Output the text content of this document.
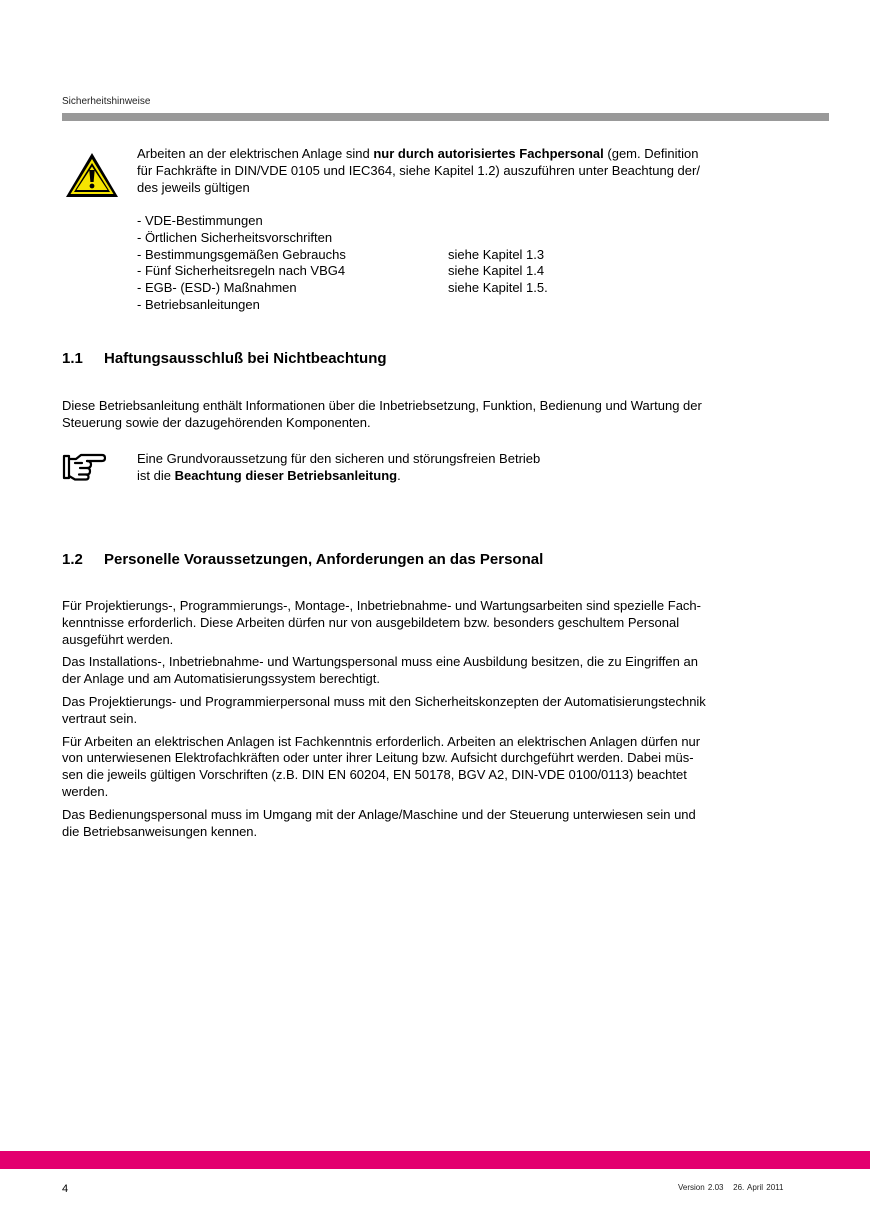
Sicherheitshinweise
Arbeiten an der elektrischen Anlage sind nur durch autorisiertes Fachpersonal (gem. Definition
für Fachkräfte in DIN/VDE 0105 und IEC364, siehe Kapitel 1.2) auszuführen unter Beachtung der/
des jeweils gültigen
- VDE-Bestimmungen
- Örtlichen Sicherheitsvorschriften
- Bestimmungsgemäßen Gebrauchs	siehe Kapitel 1.3
- Fünf Sicherheitsregeln nach VBG4	siehe Kapitel 1.4
- EGB- (ESD-) Maßnahmen	siehe Kapitel 1.5.
- Betriebsanleitungen
1.1 Haftungsausschluß bei Nichtbeachtung
Diese Betriebsanleitung enthält Informationen über die Inbetriebsetzung, Funktion, Bedienung und Wartung der
Steuerung sowie der dazugehörenden Komponenten.
Eine Grundvoraussetzung für den sicheren und störungsfreien Betrieb
ist die Beachtung dieser Betriebsanleitung.
1.2 Personelle Voraussetzungen, Anforderungen an das Personal

Für Projektierungs-, Programmierungs-, Montage-, Inbetriebnahme- und Wartungsarbeiten sind spezielle Fach-
kenntnisse erforderlich. Diese Arbeiten dürfen nur von ausgebildetem bzw. besonders geschultem Personal
ausgeführt werden.

Das Installations-, Inbetriebnahme- und Wartungspersonal muss eine Ausbildung besitzen, die zu Eingriffen an
der Anlage und am Automatisierungssystem berechtigt.

Das Projektierungs- und Programmierpersonal muss mit den Sicherheitskonzepten der Automatisierungstechnik
vertraut sein.

Für Arbeiten an elektrischen Anlagen ist Fachkenntnis erforderlich. Arbeiten an elektrischen Anlagen dürfen nur
von unterwiesenen Elektrofachkräften oder unter ihrer Leitung bzw. Aufsicht durchgeführt werden. Dabei müs-
sen die jeweils gültigen Vorschriften (z.B. DIN EN 60204, EN 50178, BGV A2, DIN-VDE 0100/0113) beachtet
werden.

Das Bedienungspersonal muss im Umgang mit der Anlage/Maschine und der Steuerung unterwiesen sein und
die Betriebsanweisungen kennen.

4	Version 2.03 26. April 2011
